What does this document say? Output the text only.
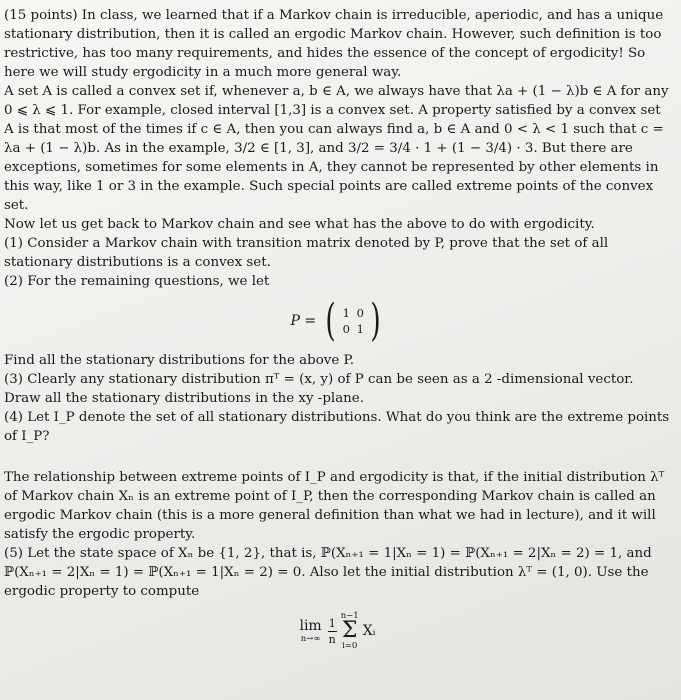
(15 points) In class, we learned that if a Markov chain is irreducible, aperiodic, and has a unique stationary distribution, then it is called an ergodic Markov chain. However, such definition is too restrictive, has too many requirements, and hides the essence of the concept of ergodicity! So here we will study ergodicity in a much more general way.

A set A is called a convex set if, whenever a, b ∈ A, we always have that λa + (1 − λ)b ∈ A for any 0 ⩽ λ ⩽ 1. For example, closed interval [1,3] is a convex set. A property satisfied by a convex set A is that most of the times if c ∈ A, then you can always find a, b ∈ A and 0 < λ < 1 such that c = λa + (1 − λ)b. As in the example, 3/2 ∈ [1, 3], and 3/2 = 3/4 · 1 + (1 − 3/4) · 3. But there are exceptions, sometimes for some elements in A, they cannot be represented by other elements in this way, like 1 or 3 in the example. Such special points are called extreme points of the convex set.

Now let us get back to Markov chain and see what has the above to do with ergodicity.

(1) Consider a Markov chain with transition matrix denoted by P, prove that the set of all stationary distributions is a convex set.

(2) For the remaining questions, we let

P = ( 1 0
0 1 )

Find all the stationary distributions for the above P.

(3) Clearly any stationary distribution πᵀ = (x, y) of P can be seen as a 2 -dimensional vector. Draw all the stationary distributions in the xy -plane.

(4) Let I_P denote the set of all stationary distributions. What do you think are the extreme points of I_P?

The relationship between extreme points of I_P and ergodicity is that, if the initial distribution λᵀ of Markov chain Xₙ is an extreme point of I_P, then the corresponding Markov chain is called an ergodic Markov chain (this is a more general definition than what we had in lecture), and it will satisfy the ergodic property.

(5) Let the state space of Xₙ be {1, 2}, that is, ℙ(Xₙ₊₁ = 1|Xₙ = 1) = ℙ(Xₙ₊₁ = 2|Xₙ = 2) = 1, and ℙ(Xₙ₊₁ = 2|Xₙ = 1) = ℙ(Xₙ₊₁ = 1|Xₙ = 2) = 0. Also let the initial distribution λᵀ = (1, 0). Use the ergodic property to compute

lim
$n\to\infty \frac{1}{n}$
n−1
Σ
i=0
Xᵢ
